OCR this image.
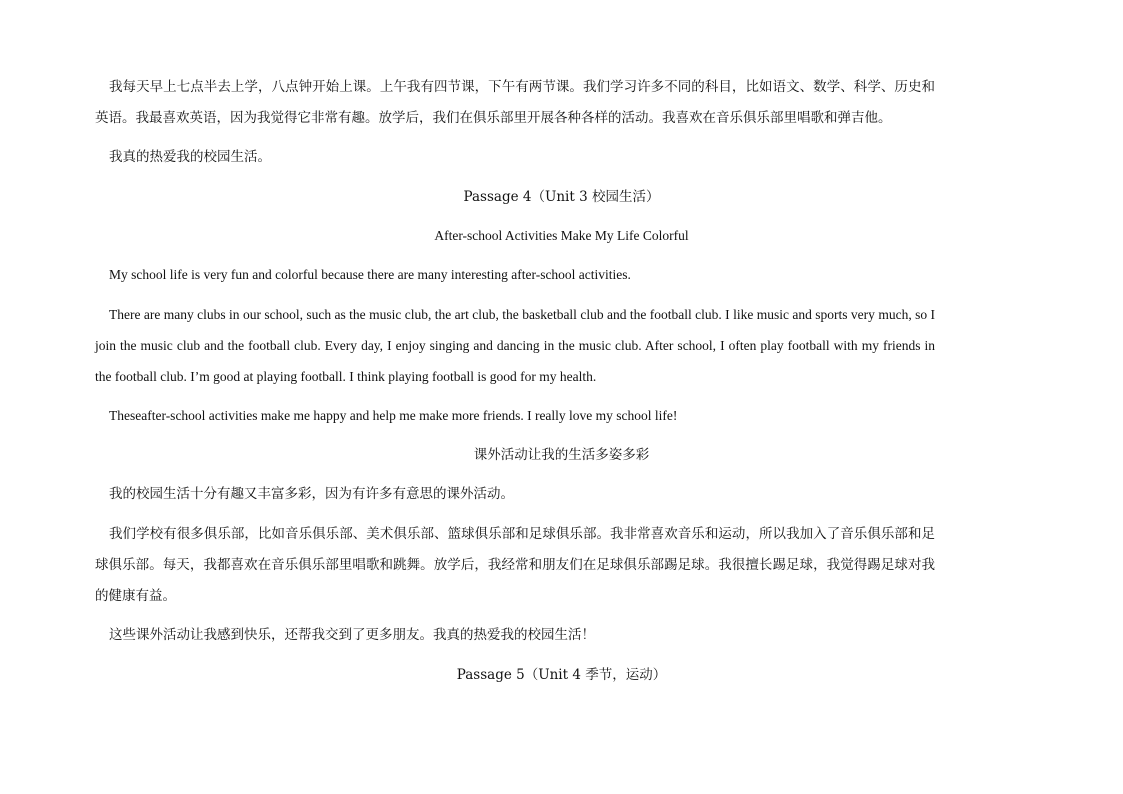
我每天早上七点半去上学，八点钟开始上课。上午我有四节课，下午有两节课。我们学习许多不同的科目，比如语文、数学、科学、历史和英语。我最喜欢英语，因为我觉得它非常有趣。放学后，我们在俱乐部里开展各种各样的活动。我喜欢在音乐俱乐部里唱歌和弹吉他。

我真的热爱我的校园生活。

Passage 4（Unit 3 校园生活）

After-school Activities Make My Life Colorful

My school life is very fun and colorful because there are many interesting after-school activities.

There are many clubs in our school, such as the music club, the art club, the basketball club and the football club. I like music and sports very much, so I join the music club and the football club. Every day, I enjoy singing and dancing in the music club. After school, I often play football with my friends in the football club. I’m good at playing football. I think playing football is good for my health.

Theseafter-school activities make me happy and help me make more friends. I really love my school life!

课外活动让我的生活多姿多彩

我的校园生活十分有趣又丰富多彩，因为有许多有意思的课外活动。

我们学校有很多俱乐部，比如音乐俱乐部、美术俱乐部、篮球俱乐部和足球俱乐部。我非常喜欢音乐和运动，所以我加入了音乐俱乐部和足球俱乐部。每天，我都喜欢在音乐俱乐部里唱歌和跳舞。放学后，我经常和朋友们在足球俱乐部踢足球。我很擅长踢足球，我觉得踢足球对我的健康有益。

这些课外活动让我感到快乐，还帮我交到了更多朋友。我真的热爱我的校园生活！

Passage 5（Unit 4 季节，运动）
